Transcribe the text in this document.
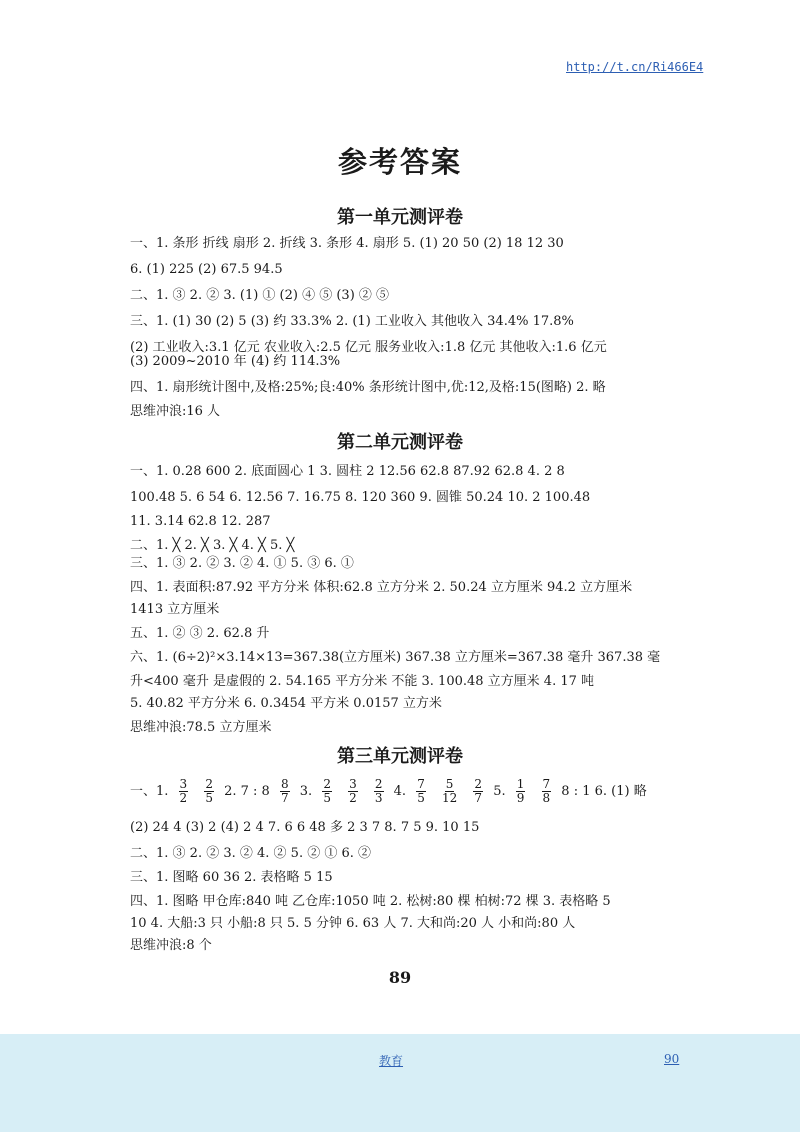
http://t.cn/Ri466E4
参考答案
第一单元测评卷
一、1. 条形 折线 扇形 2. 折线 3. 条形 4. 扇形 5. (1) 20 50 (2) 18 12 30
6. (1) 225 (2) 67.5 94.5
二、1. ③ 2. ② 3. (1) ① (2) ④ ⑤ (3) ② ⑤
三、1. (1) 30 (2) 5 (3) 约 33.3% 2. (1) 工业收入 其他收入 34.4% 17.8%
(2) 工业收入:3.1 亿元 农业收入:2.5 亿元 服务业收入:1.8 亿元 其他收入:1.6 亿元
(3) 2009~2010 年 (4) 约 114.3%
四、1. 扇形统计图中,及格:25%;良:40% 条形统计图中,优:12,及格:15(图略) 2. 略
思维冲浪:16 人
第二单元测评卷
一、1. 0.28 600 2. 底面圆心 1 3. 圆柱 2 12.56 62.8 87.92 62.8 4. 2 8
100.48 5. 6 54 6. 12.56 7. 16.75 8. 120 360 9. 圆锥 50.24 10. 2 100.48
11. 3.14 62.8 12. 287
二、1. ╳ 2. ╳ 3. ╳ 4. ╳ 5. ╳
三、1. ③ 2. ② 3. ② 4. ① 5. ③ 6. ①
四、1. 表面积:87.92 平方分米 体积:62.8 立方分米 2. 50.24 立方厘米 94.2 立方厘米
1413 立方厘米
五、1. ② ③ 2. 62.8 升
六、1. (6÷2)²×3.14×13=367.38(立方厘米) 367.38 立方厘米=367.38 毫升 367.38 毫
升<400 毫升 是虚假的 2. 54.165 平方分米 不能 3. 100.48 立方厘米 4. 17 吨
5. 40.82 平方分米 6. 0.3454 平方米 0.0157 立方米
思维冲浪:78.5 立方厘米
第三单元测评卷
一、1. $\frac{3}{2}$
$\frac{2}{5} 2$. 7 : $8 \frac{8}{7} 3$. $\frac{2}{5}$
$\frac{3}{2}$
$\frac{2}{3} 4$. $\frac{7}{5}$
$\frac{5}{12}$
$\frac{2}{7} 5$. $\frac{1}{9}$
$\frac{7}{8} 8$ : 1 6. (1) 略
(2) 24 4 (3) 2 (4) 2 4 7. 6 6 48 多 2 3 7 8. 7 5 9. 10 15
二、1. ③ 2. ② 3. ② 4. ② 5. ② ① 6. ②
三、1. 图略 60 36 2. 表格略 5 15
四、1. 图略 甲仓库:840 吨 乙仓库:1050 吨 2. 松树:80 棵 柏树:72 棵 3. 表格略 5
10 4. 大船:3 只 小船:8 只 5. 5 分钟 6. 63 人 7. 大和尚:20 人 小和尚:80 人
思维冲浪:8 个
89
教育	90
